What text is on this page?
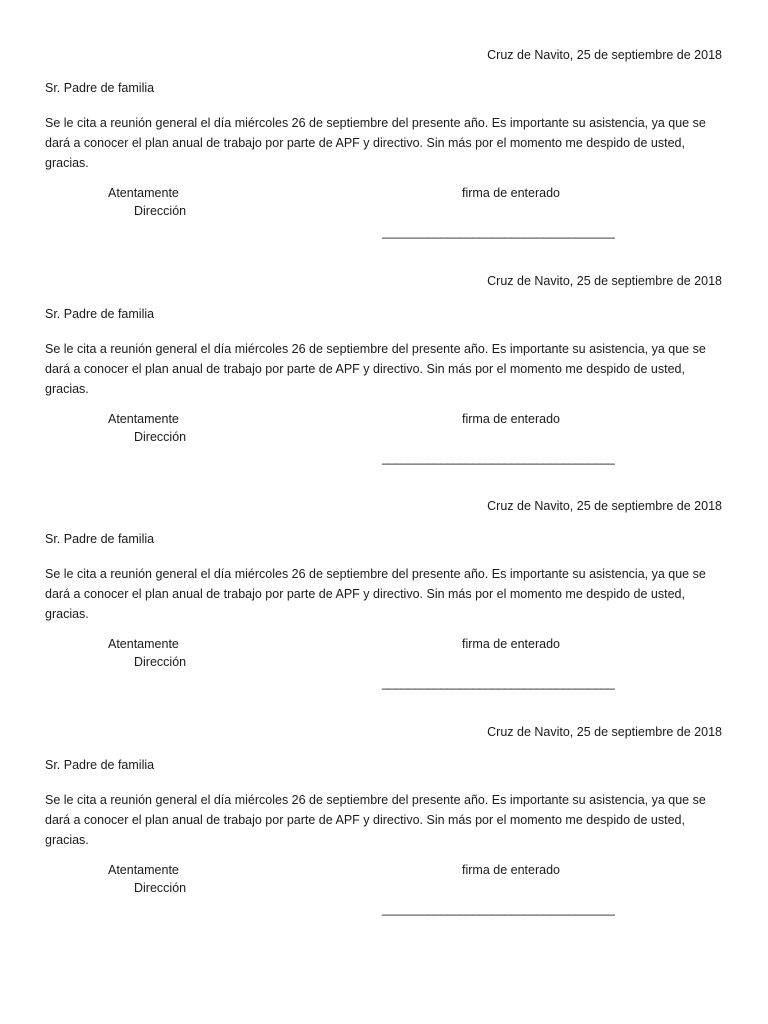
Cruz de Navito, 25 de septiembre de 2018
Sr. Padre de familia

Se le cita a reunión general el día miércoles 26 de septiembre del presente año. Es importante su asistencia, ya que se dará a conocer el plan anual de trabajo por parte de APF y directivo. Sin más por el momento me despido de usted, gracias.

Atentamente
Dirección
firma de enterado
____________________________________
Cruz de Navito, 25 de septiembre de 2018
Sr. Padre de familia

Se le cita a reunión general el día miércoles 26 de septiembre del presente año. Es importante su asistencia, ya que se dará a conocer el plan anual de trabajo por parte de APF y directivo. Sin más por el momento me despido de usted, gracias.

Atentamente
Dirección
firma de enterado
____________________________________
Cruz de Navito, 25 de septiembre de 2018
Sr. Padre de familia

Se le cita a reunión general el día miércoles 26 de septiembre del presente año. Es importante su asistencia, ya que se dará a conocer el plan anual de trabajo por parte de APF y directivo. Sin más por el momento me despido de usted, gracias.

Atentamente
Dirección
firma de enterado
____________________________________
Cruz de Navito, 25 de septiembre de 2018
Sr. Padre de familia

Se le cita a reunión general el día miércoles 26 de septiembre del presente año. Es importante su asistencia, ya que se dará a conocer el plan anual de trabajo por parte de APF y directivo. Sin más por el momento me despido de usted, gracias.

Atentamente
Dirección
firma de enterado
____________________________________
